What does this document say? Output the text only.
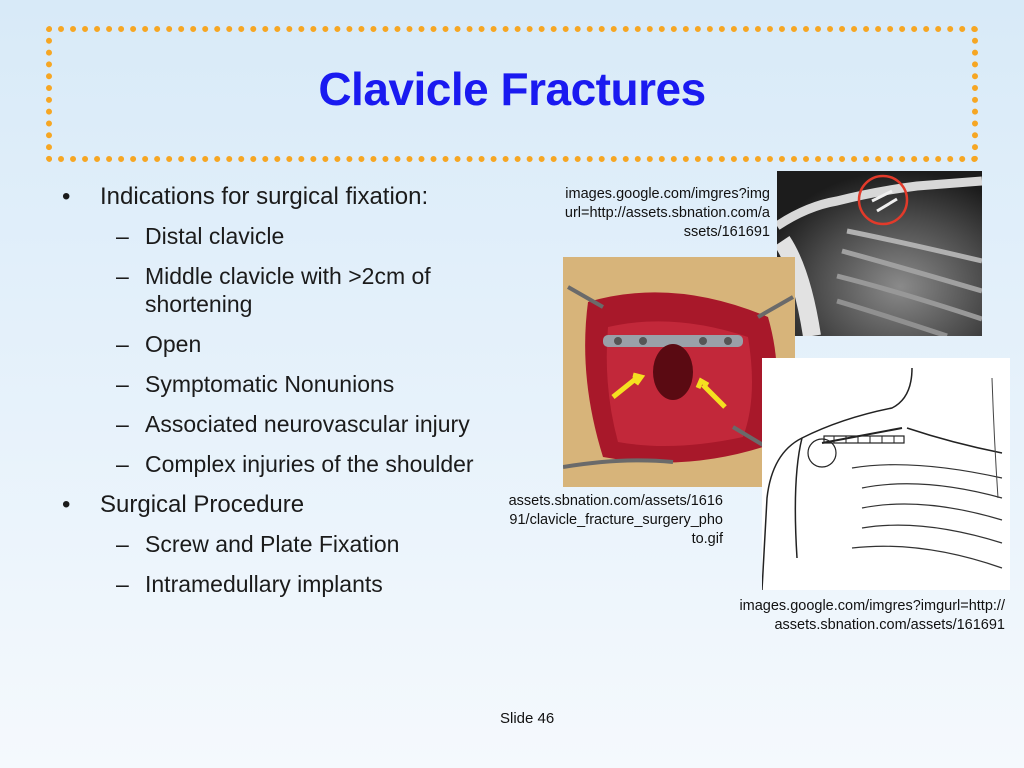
Clavicle Fractures
• Indications for surgical fixation:
– Distal clavicle
– Middle clavicle with >2cm of shortening
– Open
– Symptomatic Nonunions
– Associated neurovascular injury
– Complex injuries of the shoulder
• Surgical Procedure
– Screw and Plate Fixation
– Intramedullary implants
images.google.com/imgres?img
url=http://assets.sbnation.com/a
ssets/161691
assets.sbnation.com/assets/1616
91/clavicle_fracture_surgery_pho
to.gif
images.google.com/imgres?imgurl=http://
assets.sbnation.com/assets/161691
Slide 46
